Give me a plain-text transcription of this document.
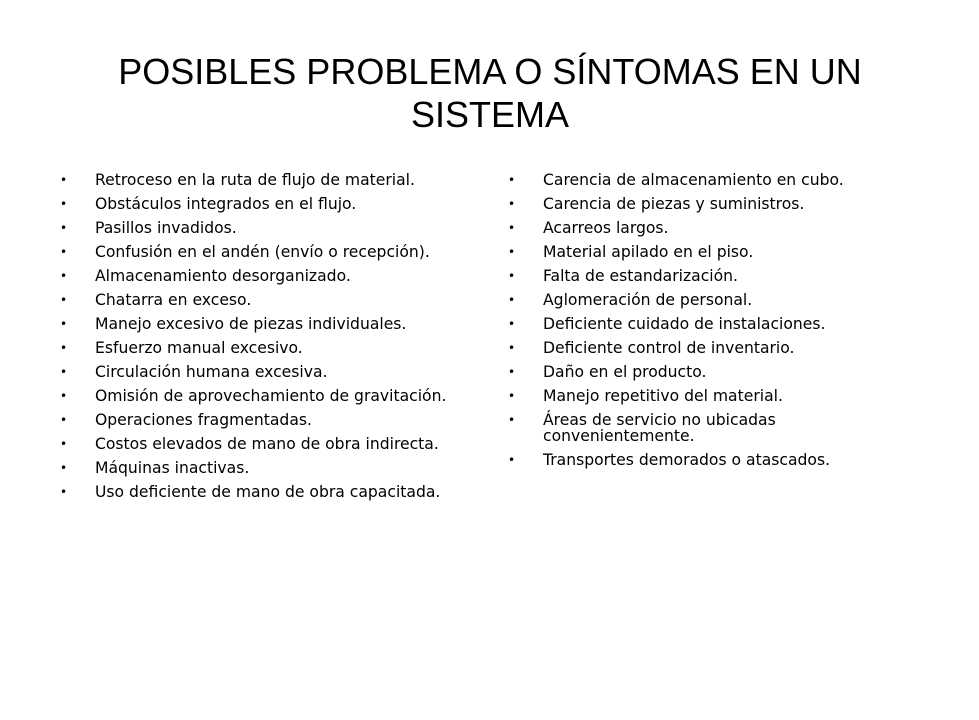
POSIBLES PROBLEMA O SÍNTOMAS EN UN SISTEMA
• Retroceso en la ruta de flujo de material.
• Obstáculos integrados en el flujo.
• Pasillos invadidos.
• Confusión en el andén (envío o recepción).
• Almacenamiento desorganizado.
• Chatarra en exceso.
• Manejo excesivo de piezas individuales.
• Esfuerzo manual excesivo.
• Circulación humana excesiva.
• Omisión de aprovechamiento de gravitación.
• Operaciones fragmentadas.
• Costos elevados de mano de obra indirecta.
• Máquinas inactivas.
• Uso deficiente de mano de obra capacitada.
• Carencia de almacenamiento en cubo.
• Carencia de piezas y suministros.
• Acarreos largos.
• Material apilado en el piso.
• Falta de estandarización.
• Aglomeración de personal.
• Deficiente cuidado de instalaciones.
• Deficiente control de inventario.
• Daño en el producto.
• Manejo repetitivo del material.
• Áreas de servicio no ubicadas convenientemente.
• Transportes demorados o atascados.
